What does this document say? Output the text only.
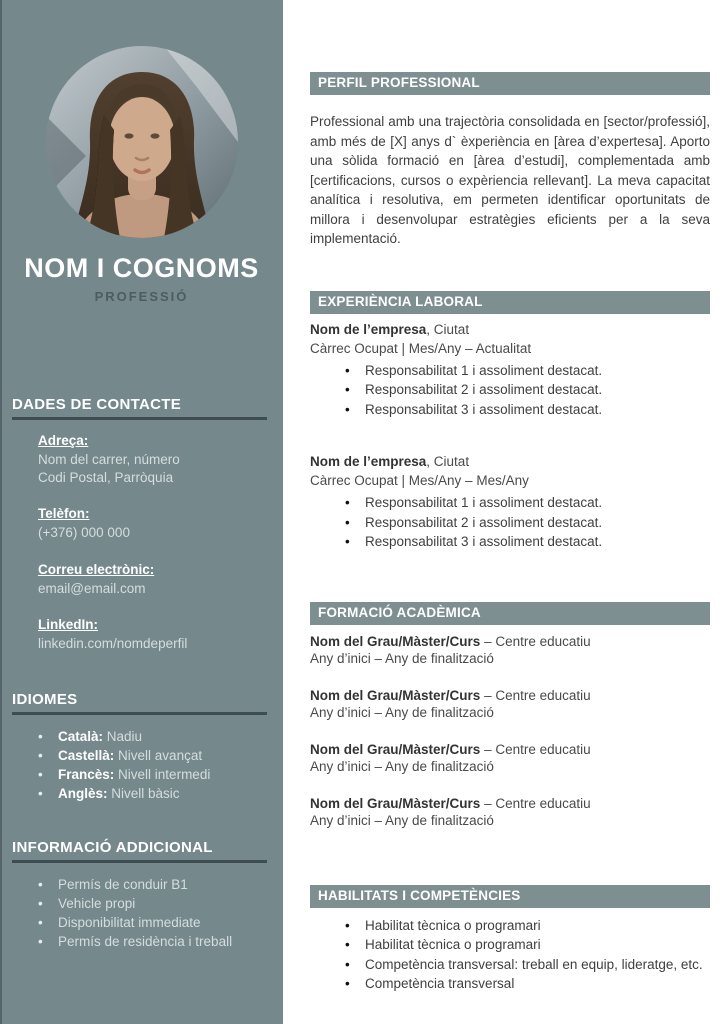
NOM I COGNOMS
PROFESSIÓ
DADES DE CONTACTE
Adreça:
Nom del carrer, número
Codi Postal, Parròquia
Telèfon:
(+376) 000 000
Correu electrònic:
email@email.com
LinkedIn:
linkedin.com/nomdeperfil
IDIOMES
• Català: Nadiu
• Castellà: Nivell avançat
• Francès: Nivell intermedi
• Anglès: Nivell bàsic
INFORMACIÓ ADDICIONAL
• Permís de conduir B1
• Vehicle propi
• Disponibilitat immediate
• Permís de residència i treball
PERFIL PROFESSIONAL

Professional amb una trajectòria consolidada en [sector/professió], amb més de [X] anys d` èxperiència en [àrea d’expertesa]. Aporto una sòlida formació en [àrea d’estudi], complementada amb [certificacions, cursos o expèriencia rellevant]. La meva capacitat analítica i resolutiva, em permeten identificar oportunitats de millora i desenvolupar estratègies eficients per a la seva implementació.

EXPERIÈNCIA LABORAL
Nom de l’empresa, Ciutat
Càrrec Ocupat | Mes/Any – Actualitat
• Responsabilitat 1 i assoliment destacat.
• Responsabilitat 2 i assoliment destacat.
• Responsabilitat 3 i assoliment destacat.
Nom de l’empresa, Ciutat
Càrrec Ocupat | Mes/Any – Mes/Any
• Responsabilitat 1 i assoliment destacat.
• Responsabilitat 2 i assoliment destacat.
• Responsabilitat 3 i assoliment destacat.
FORMACIÓ ACADÈMICA
Nom del Grau/Màster/Curs – Centre educatiu
Any d’inici – Any de finalització
Nom del Grau/Màster/Curs – Centre educatiu
Any d’inici – Any de finalització
Nom del Grau/Màster/Curs – Centre educatiu
Any d’inici – Any de finalització
Nom del Grau/Màster/Curs – Centre educatiu
Any d’inici – Any de finalització
HABILITATS I COMPETÈNCIES
• Habilitat tècnica o programari
• Habilitat tècnica o programari
• Competència transversal: treball en equip, lideratge, etc.
• Competència transversal
